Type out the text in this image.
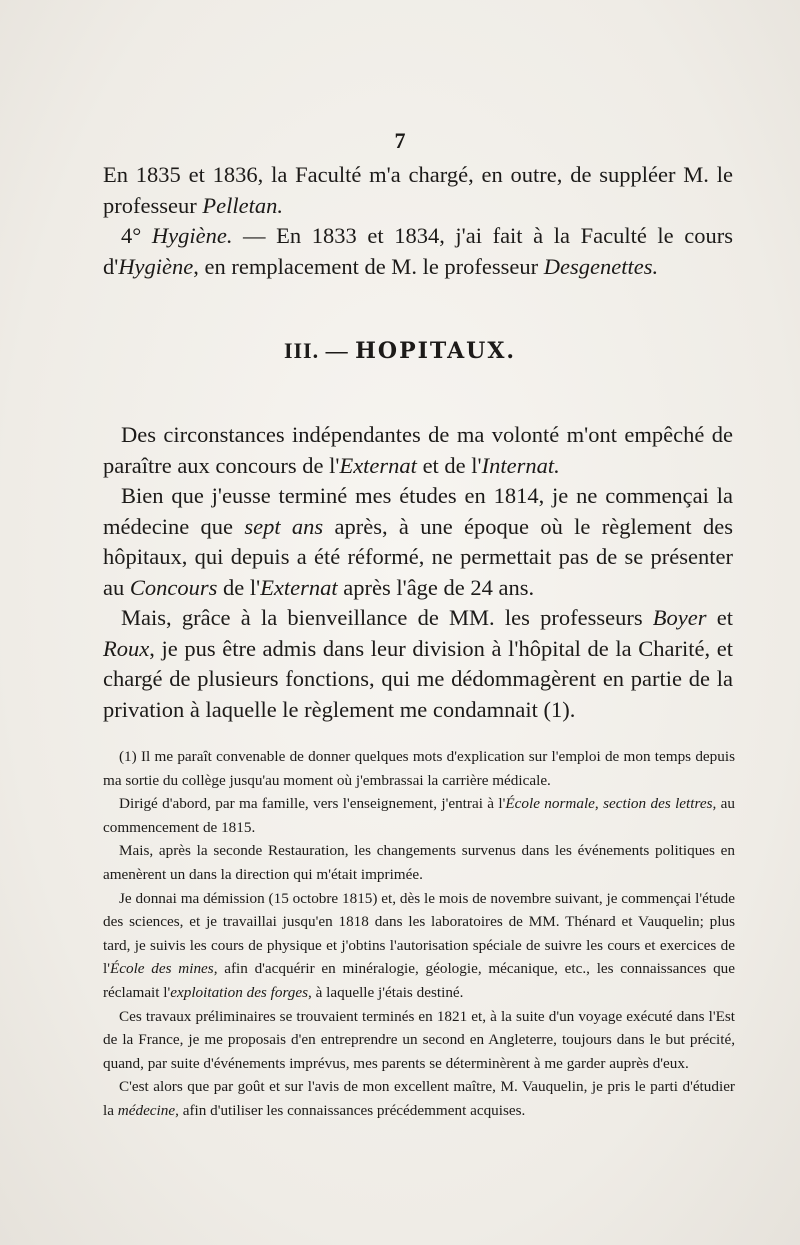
7

En 1835 et 1836, la Faculté m'a chargé, en outre, de suppléer M. le professeur Pelletan.

4° Hygiène. — En 1833 et 1834, j'ai fait à la Faculté le cours d'Hygiène, en remplacement de M. le professeur Desgenettes.

III. — HOPITAUX.

Des circonstances indépendantes de ma volonté m'ont empêché de paraître aux concours de l'Externat et de l'Internat.

Bien que j'eusse terminé mes études en 1814, je ne commençai la médecine que sept ans après, à une époque où le règlement des hôpitaux, qui depuis a été réformé, ne permettait pas de se présenter au Concours de l'Externat après l'âge de 24 ans.

Mais, grâce à la bienveillance de MM. les professeurs Boyer et Roux, je pus être admis dans leur division à l'hôpital de la Charité, et chargé de plusieurs fonctions, qui me dédommagèrent en partie de la privation à laquelle le règlement me condamnait (1).

(1) Il me paraît convenable de donner quelques mots d'explication sur l'emploi de mon temps depuis ma sortie du collège jusqu'au moment où j'embrassai la carrière médicale.

Dirigé d'abord, par ma famille, vers l'enseignement, j'entrai à l'École normale, section des lettres, au commencement de 1815.

Mais, après la seconde Restauration, les changements survenus dans les événements politiques en amenèrent un dans la direction qui m'était imprimée.

Je donnai ma démission (15 octobre 1815) et, dès le mois de novembre suivant, je commençai l'étude des sciences, et je travaillai jusqu'en 1818 dans les laboratoires de MM. Thénard et Vauquelin; plus tard, je suivis les cours de physique et j'obtins l'autorisation spéciale de suivre les cours et exercices de l'École des mines, afin d'acquérir en minéralogie, géologie, mécanique, etc., les connaissances que réclamait l'exploitation des forges, à laquelle j'étais destiné.

Ces travaux préliminaires se trouvaient terminés en 1821 et, à la suite d'un voyage exécuté dans l'Est de la France, je me proposais d'en entreprendre un second en Angleterre, toujours dans le but précité, quand, par suite d'événements imprévus, mes parents se déterminèrent à me garder auprès d'eux.

C'est alors que par goût et sur l'avis de mon excellent maître, M. Vauquelin, je pris le parti d'étudier la médecine, afin d'utiliser les connaissances précédemment acquises.
